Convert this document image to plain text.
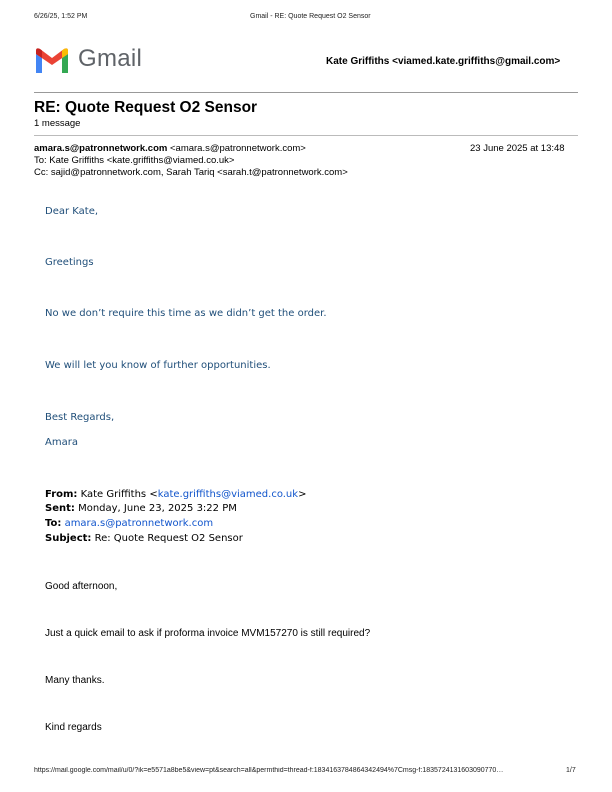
6/26/25, 1:52 PM	Gmail - RE: Quote Request O2 Sensor
Gmail	Kate Griffiths <viamed.kate.griffiths@gmail.com>
RE: Quote Request O2 Sensor
1 message
amara.s@patronnetwork.com <amara.s@patronnetwork.com>	23 June 2025 at 13:48
To: Kate Griffiths <kate.griffiths@viamed.co.uk>
Cc: sajid@patronnetwork.com, Sarah Tariq <sarah.t@patronnetwork.com>
Dear Kate,
Greetings
No we don’t require this time as we didn’t get the order.
We will let you know of further opportunities.
Best Regards,
Amara
From: Kate Griffiths <kate.griffiths@viamed.co.uk>
Sent: Monday, June 23, 2025 3:22 PM
To: amara.s@patronnetwork.com
Subject: Re: Quote Request O2 Sensor
Good afternoon,
Just a quick email to ask if proforma invoice MVM157270 is still required?
Many thanks.
Kind regards
https://mail.google.com/mail/u/0/?ik=e5571a8be5&view=pt&search=all&permthid=thread-f:1834163784864342494%7Cmsg-f:1835724131603090770…	1/7
